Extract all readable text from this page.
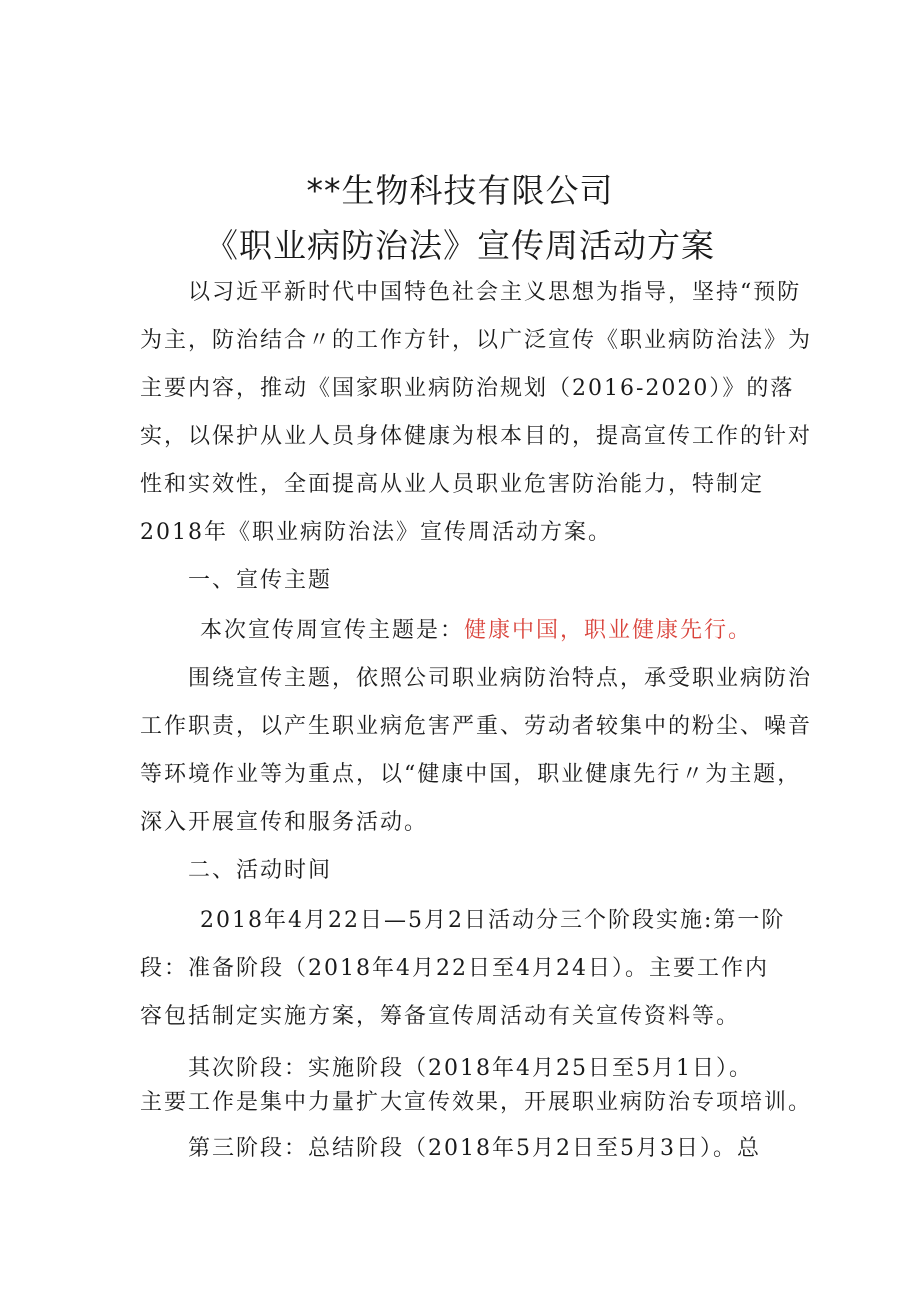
**生物科技有限公司
《职业病防治法》宣传周活动方案
以习近平新时代中国特色社会主义思想为指导，坚持“预防
为主，防治结合〃的工作方针，以广泛宣传《职业病防治法》为
主要内容，推动《国家职业病防治规划（2016-2020）》的落
实，以保护从业人员身体健康为根本目的，提高宣传工作的针对
性和实效性，全面提高从业人员职业危害防治能力，特制定
2018年《职业病防治法》宣传周活动方案。
一、宣传主题
本次宣传周宣传主题是：健康中国，职业健康先行。
围绕宣传主题，依照公司职业病防治特点，承受职业病防治
工作职责，以产生职业病危害严重、劳动者较集中的粉尘、噪音
等环境作业等为重点，以“健康中国，职业健康先行〃为主题，
深入开展宣传和服务活动。
二、活动时间
2018年4月22日—5月2日活动分三个阶段实施:第一阶
段：准备阶段（2018年4月22日至4月24日）。主要工作内
容包括制定实施方案，筹备宣传周活动有关宣传资料等。
其次阶段：实施阶段（2018年4月25日至5月1日）。
主要工作是集中力量扩大宣传效果，开展职业病防治专项培训。
第三阶段：总结阶段（2018年5月2日至5月3日）。总
